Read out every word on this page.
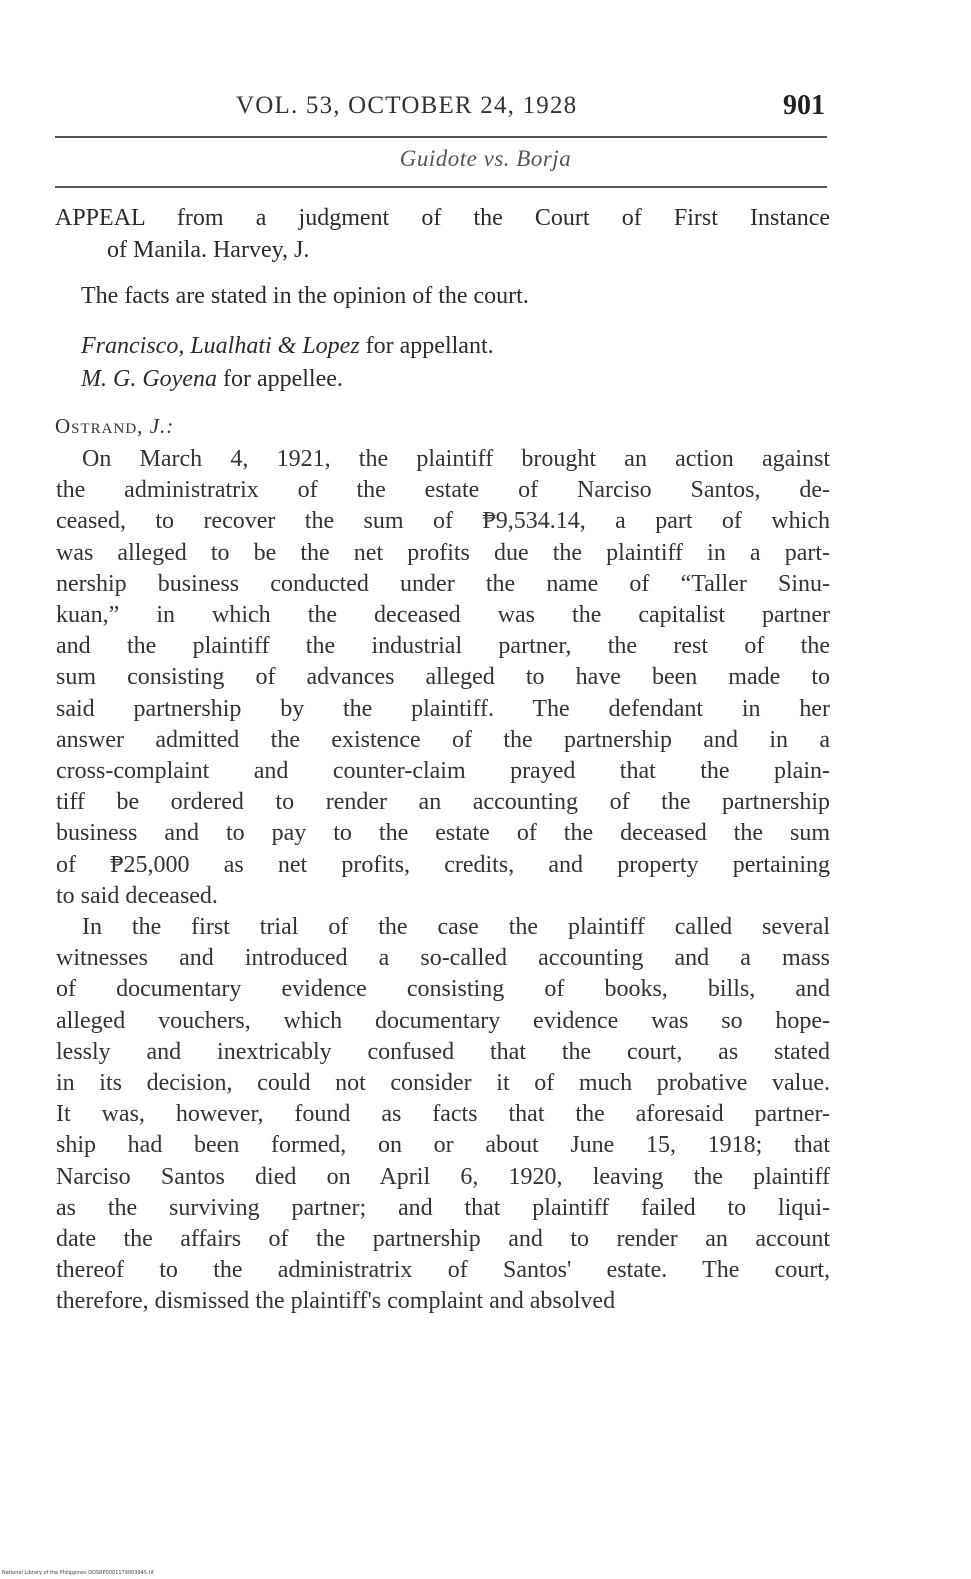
VOL. 53, OCTOBER 24, 1928	901
Guidote vs. Borja
APPEAL from a judgment of the Court of First Instance
of Manila. Harvey, J.
The facts are stated in the opinion of the court.
Francisco, Lualhati & Lopez for appellant.
M. G. Goyena for appellee.
Ostrand, J.:
On March 4, 1921, the plaintiff brought an action against
the administratrix of the estate of Narciso Santos, de-
ceased, to recover the sum of ₱9,534.14, a part of which
was alleged to be the net profits due the plaintiff in a part-
nership business conducted under the name of “Taller Sinu-
kuan,” in which the deceased was the capitalist partner
and the plaintiff the industrial partner, the rest of the
sum consisting of advances alleged to have been made to
said partnership by the plaintiff. The defendant in her
answer admitted the existence of the partnership and in a
cross-complaint and counter-claim prayed that the plain-
tiff be ordered to render an accounting of the partnership
business and to pay to the estate of the deceased the sum
of ₱25,000 as net profits, credits, and property pertaining
to said deceased.
In the first trial of the case the plaintiff called several
witnesses and introduced a so-called accounting and a mass
of documentary evidence consisting of books, bills, and
alleged vouchers, which documentary evidence was so hope-
lessly and inextricably confused that the court, as stated
in its decision, could not consider it of much probative value.
It was, however, found as facts that the aforesaid partner-
ship had been formed, on or about June 15, 1918; that
Narciso Santos died on April 6, 1920, leaving the plaintiff
as the surviving partner; and that plaintiff failed to liqui-
date the affairs of the partnership and to render an account
thereof to the administratrix of Santos' estate. The court,
therefore, dismissed the plaintiff's complaint and absolved
National Library of the Philippines DDSRP0001179003945.tif
